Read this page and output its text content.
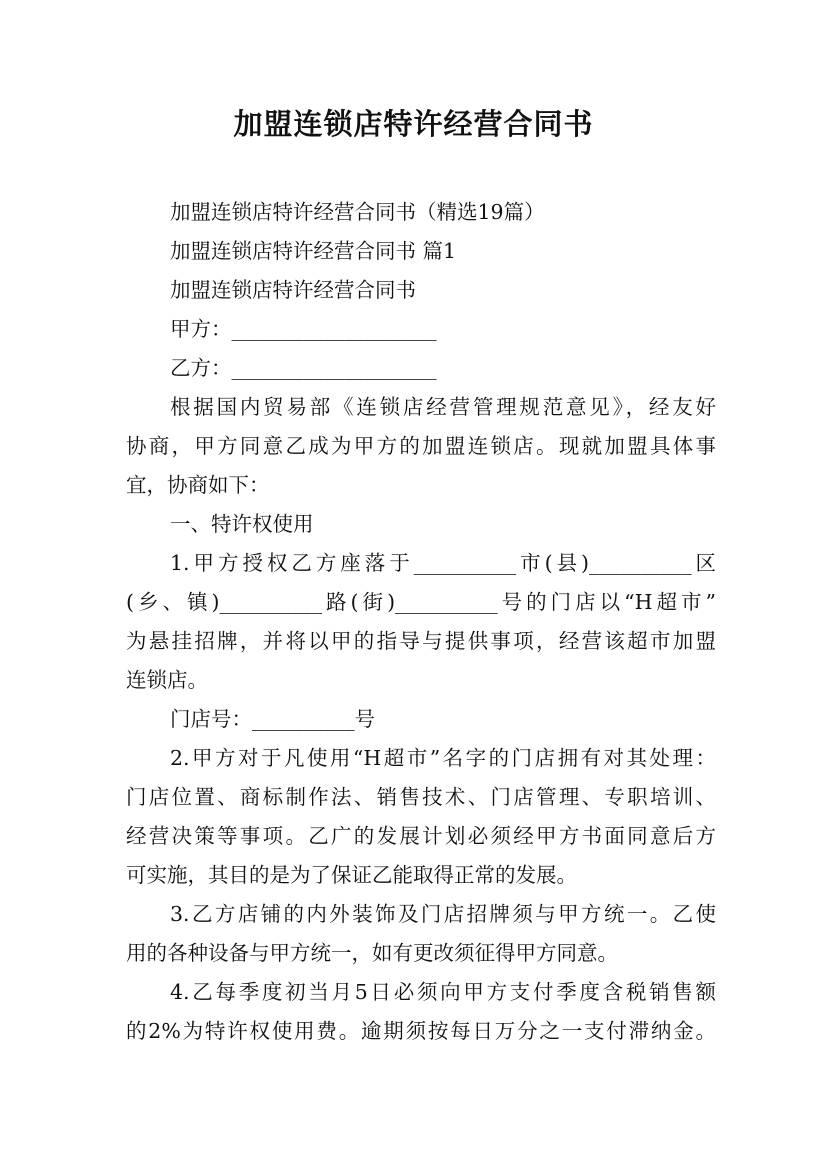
加盟连锁店特许经营合同书
加盟连锁店特许经营合同书（精选19篇）
加盟连锁店特许经营合同书 篇1
加盟连锁店特许经营合同书
甲方：____________________
乙方：____________________
根据国内贸易部《连锁店经营管理规范意见》，经友好
协商，甲方同意乙成为甲方的加盟连锁店。现就加盟具体事
宜，协商如下：
一、特许权使用
1.甲方授权乙方座落于__________市(县)__________区
(乡、镇)__________路(街)__________号的门店以“H超市”
为悬挂招牌，并将以甲的指导与提供事项，经营该超市加盟
连锁店。
门店号：__________号
2.甲方对于凡使用“H超市”名字的门店拥有对其处理：
门店位置、商标制作法、销售技术、门店管理、专职培训、
经营决策等事项。乙广的发展计划必须经甲方书面同意后方
可实施，其目的是为了保证乙能取得正常的发展。
3.乙方店铺的内外装饰及门店招牌须与甲方统一。乙使
用的各种设备与甲方统一，如有更改须征得甲方同意。
4.乙每季度初当月5日必须向甲方支付季度含税销售额
的2%为特许权使用费。逾期须按每日万分之一支付滞纳金。
